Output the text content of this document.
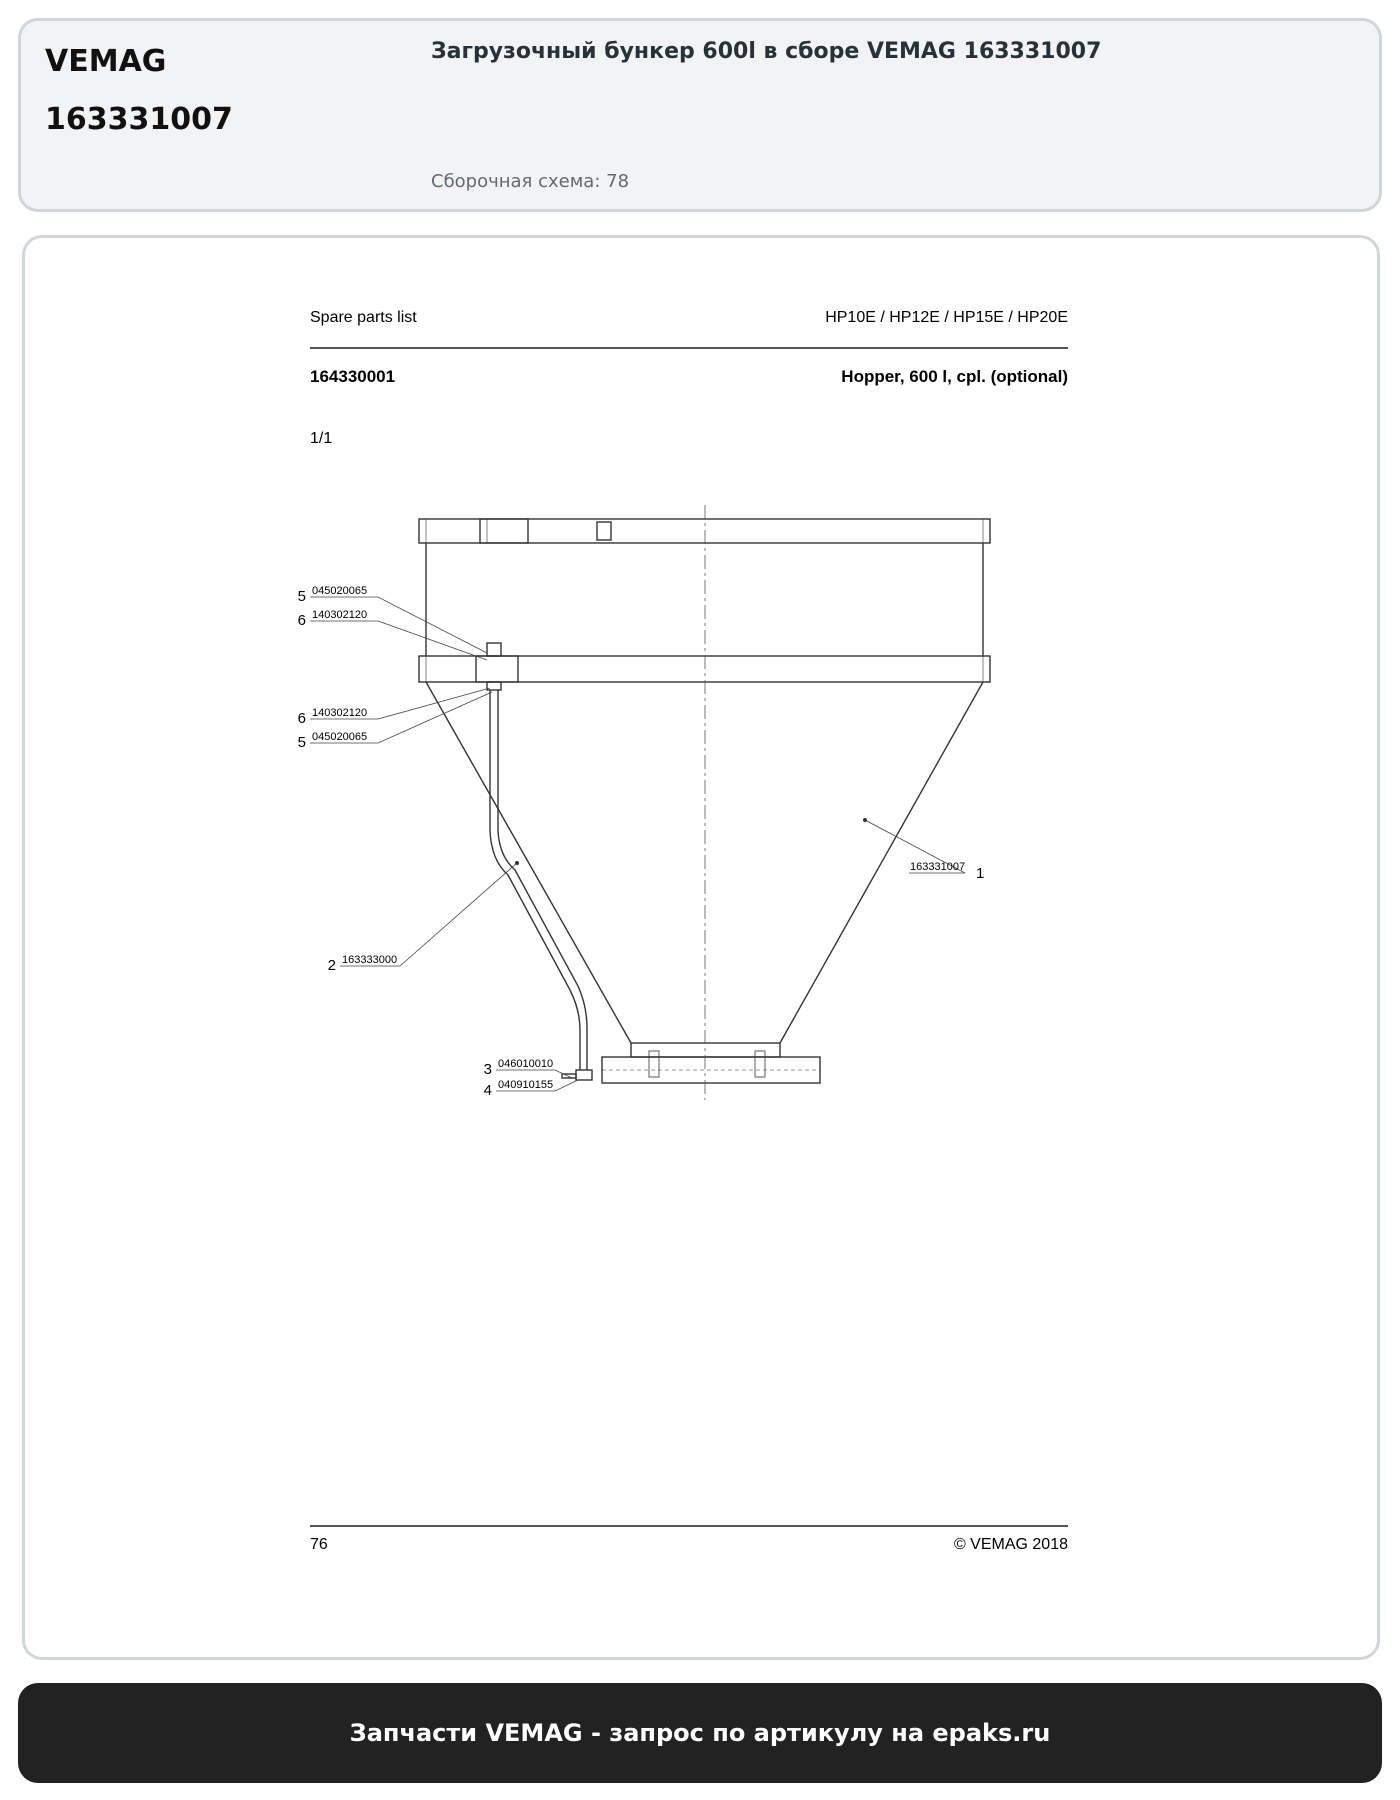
VEMAG
163331007
Загрузочный бункер 600l в сборе VEMAG 163331007
Сборочная схема: 78
Spare parts list	HP10E / HP12E / HP15E / HP20E
164330001	Hopper, 600 l, cpl. (optional)
1/1
5 045020065
6 140302120
6 140302120
5 045020065
1
163331007
2 163333000
3 046010010
4 040910155
76	© VEMAG 2018
Запчасти VEMAG - запрос по артикулу на epaks.ru
